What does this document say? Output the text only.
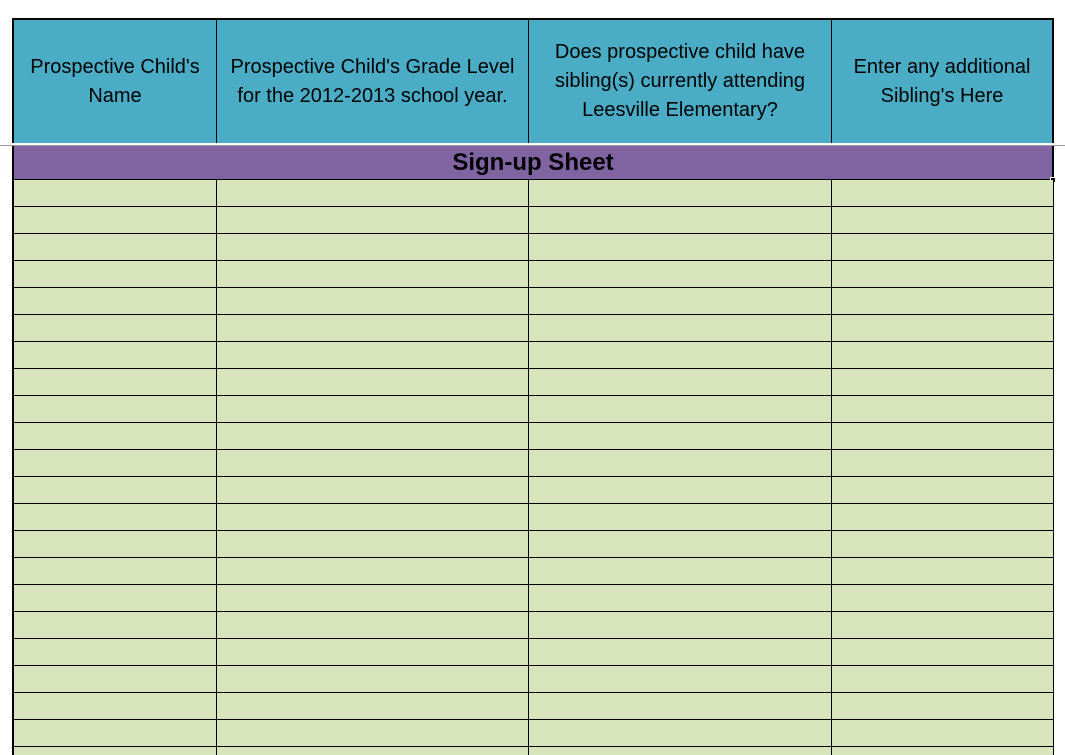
Prospective Child's Name
Prospective Child's Grade Level for the 2012-2013 school year.
Does prospective child have sibling(s) currently attending Leesville Elementary?
Enter any additional Sibling's Here
Sign-up Sheet
